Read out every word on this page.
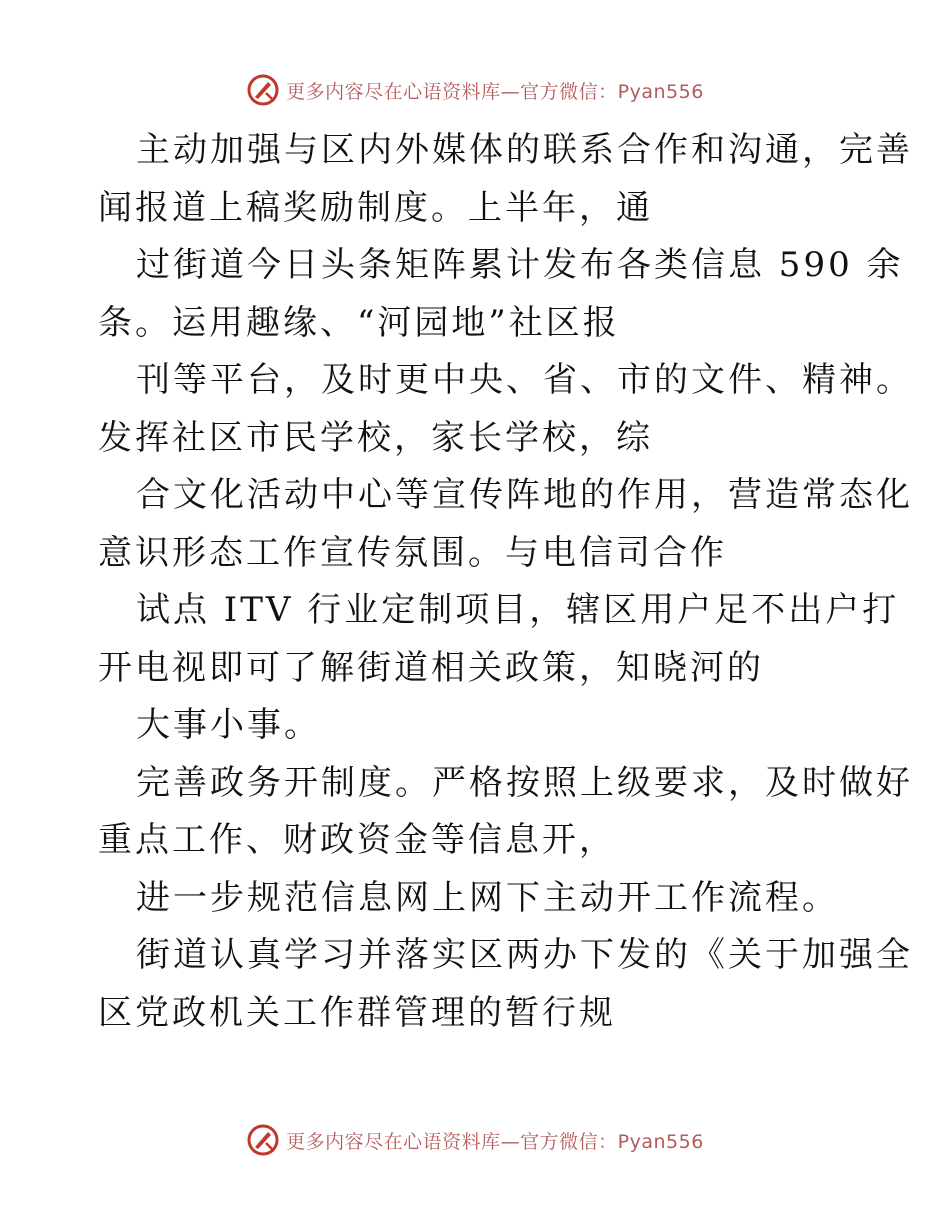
更多内容尽在心语资料库—官方微信：Pyan556
主动加强与区内外媒体的联系合作和沟通，完善
闻报道上稿奖励制度。上半年，通
过街道今日头条矩阵累计发布各类信息 590 余
条。运用趣缘、“河园地”社区报
刊等平台，及时更中央、省、市的文件、精神。
发挥社区市民学校，家长学校，综
合文化活动中心等宣传阵地的作用，营造常态化
意识形态工作宣传氛围。与电信司合作
试点 ITV 行业定制项目，辖区用户足不出户打
开电视即可了解街道相关政策，知晓河的
大事小事。
完善政务开制度。严格按照上级要求，及时做好
重点工作、财政资金等信息开，
进一步规范信息网上网下主动开工作流程。
街道认真学习并落实区两办下发的《关于加强全
区党政机关工作群管理的暂行规
更多内容尽在心语资料库—官方微信：Pyan556
